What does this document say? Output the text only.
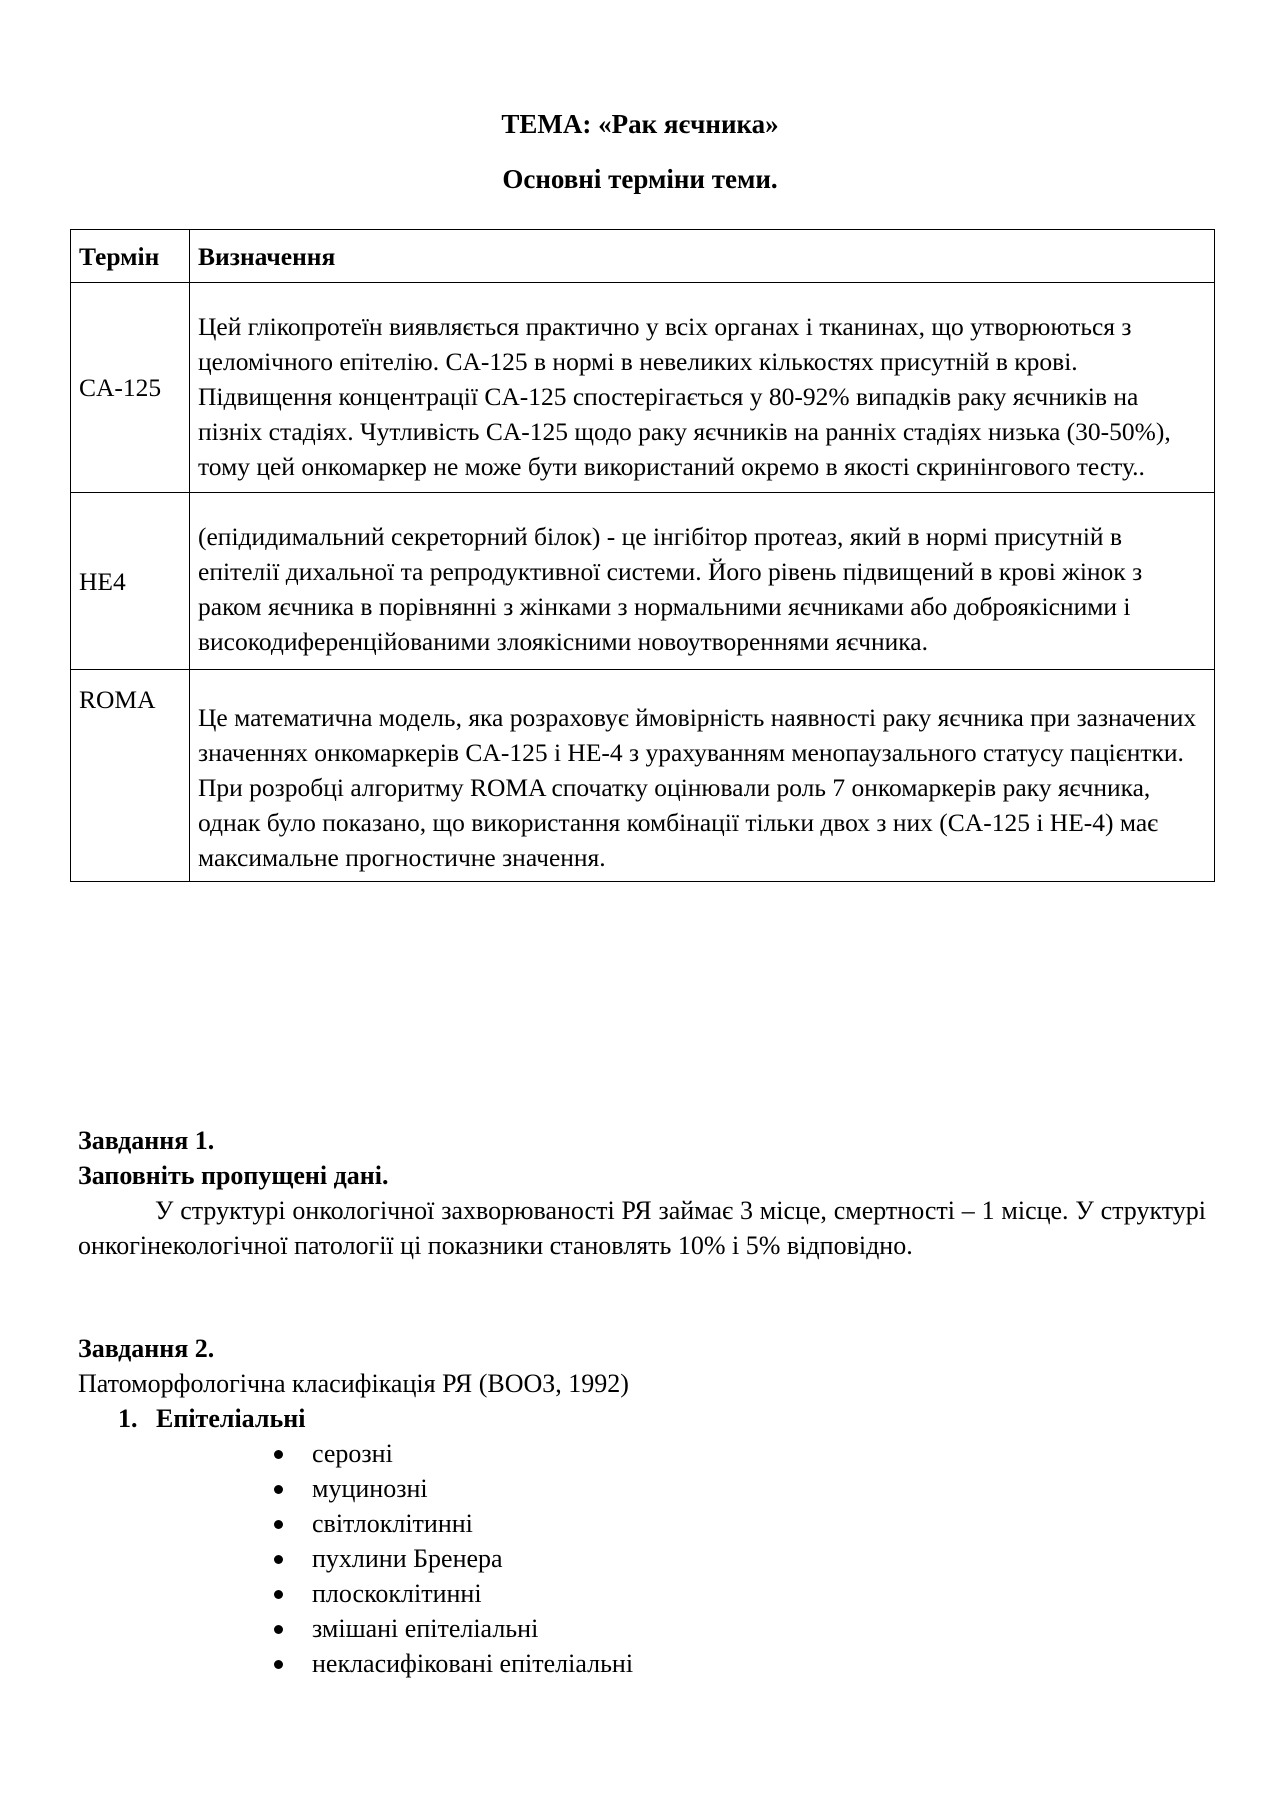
ТЕМА: «Рак яєчника»
Основні терміни теми.
Термін	Визначення
CA-125	Цей глікопротеїн виявляється практично у всіх органах і тканинах, що утворюються з целомічного епітелію. CA-125 в нормі в невеликих кількостях присутній в крові. Підвищення концентрації CA-125 спостерігається у 80-92% випадків раку яєчників на пізніх стадіях. Чутливість CA-125 щодо раку яєчників на ранніх стадіях низька (30-50%), тому цей онкомаркер не може бути використаний окремо в якості скринінгового тесту..
HE4	(епідидимальний секреторний білок) - це інгібітор протеаз, який в нормі присутній в епітелії дихальної та репродуктивної системи. Його рівень підвищений в крові жінок з раком яєчника в порівнянні з жінками з нормальними яєчниками або доброякісними і високодиференційованими злоякісними новоутвореннями яєчника.
ROMA	Це математична модель, яка розраховує ймовірність наявності раку яєчника при зазначених значеннях онкомаркерів CA-125 і HE-4 з урахуванням менопаузального статусу пацієнтки. При розробці алгоритму ROMA спочатку оцінювали роль 7 онкомаркерів раку яєчника, однак було показано, що використання комбінації тільки двох з них (CA-125 і HE-4) має максимальне прогностичне значення.

Завдання 1.

Заповніть пропущені дані.

У структурі онкологічної захворюваності РЯ займає 3 місце, смертності – 1 місце. У структурі онкогінекологічної патології ці показники становлять 10% і 5% відповідно.

Завдання 2.

Патоморфологічна класифікація РЯ (ВООЗ, 1992)

1. Епітеліальні
серозні
муцинозні
світлоклітинні
пухлини Бренера
плоскоклітинні
змішані епітеліальні
некласифіковані епітеліальні
